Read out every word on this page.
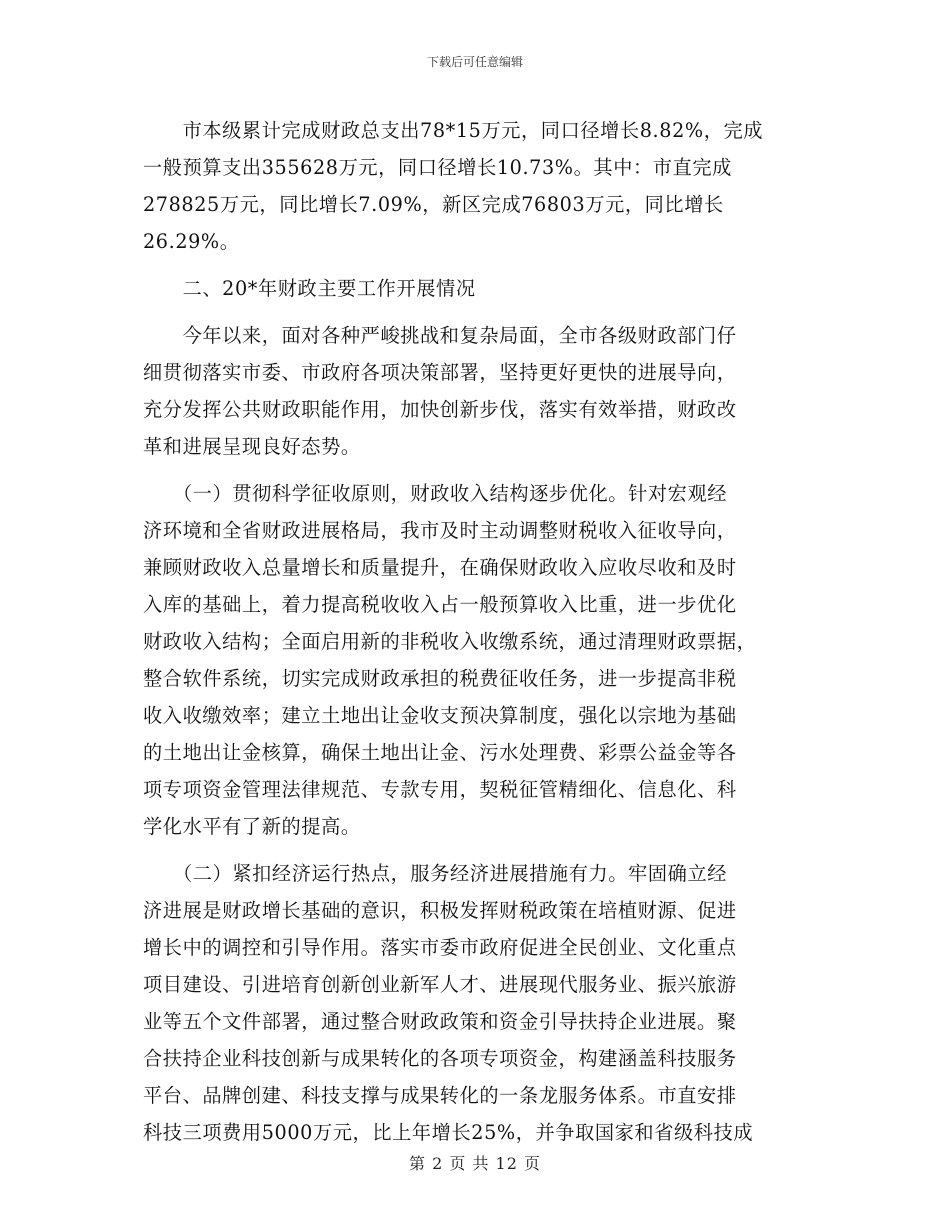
下载后可任意编辑
　　市本级累计完成财政总支出78*15万元，同口径增长8.82%，完成
一般预算支出355628万元，同口径增长10.73%。其中：市直完成
278825万元，同比增长7.09%，新区完成76803万元，同比增长
26.29%。
　　二、20*年财政主要工作开展情况
　　今年以来，面对各种严峻挑战和复杂局面，全市各级财政部门仔
细贯彻落实市委、市政府各项决策部署，坚持更好更快的进展导向，
充分发挥公共财政职能作用，加快创新步伐，落实有效举措，财政改
革和进展呈现良好态势。
　　（一）贯彻科学征收原则，财政收入结构逐步优化。针对宏观经
济环境和全省财政进展格局，我市及时主动调整财税收入征收导向，
兼顾财政收入总量增长和质量提升，在确保财政收入应收尽收和及时
入库的基础上，着力提高税收收入占一般预算收入比重，进一步优化
财政收入结构；全面启用新的非税收入收缴系统，通过清理财政票据，
整合软件系统，切实完成财政承担的税费征收任务，进一步提高非税
收入收缴效率；建立土地出让金收支预决算制度，强化以宗地为基础
的土地出让金核算，确保土地出让金、污水处理费、彩票公益金等各
项专项资金管理法律规范、专款专用，契税征管精细化、信息化、科
学化水平有了新的提高。
　　（二）紧扣经济运行热点，服务经济进展措施有力。牢固确立经
济进展是财政增长基础的意识，积极发挥财税政策在培植财源、促进
增长中的调控和引导作用。落实市委市政府促进全民创业、文化重点
项目建设、引进培育创新创业新军人才、进展现代服务业、振兴旅游
业等五个文件部署，通过整合财政政策和资金引导扶持企业进展。聚
合扶持企业科技创新与成果转化的各项专项资金，构建涵盖科技服务
平台、品牌创建、科技支撑与成果转化的一条龙服务体系。市直安排
科技三项费用5000万元，比上年增长25%，并争取国家和省级科技成
第 2 页 共 12 页
